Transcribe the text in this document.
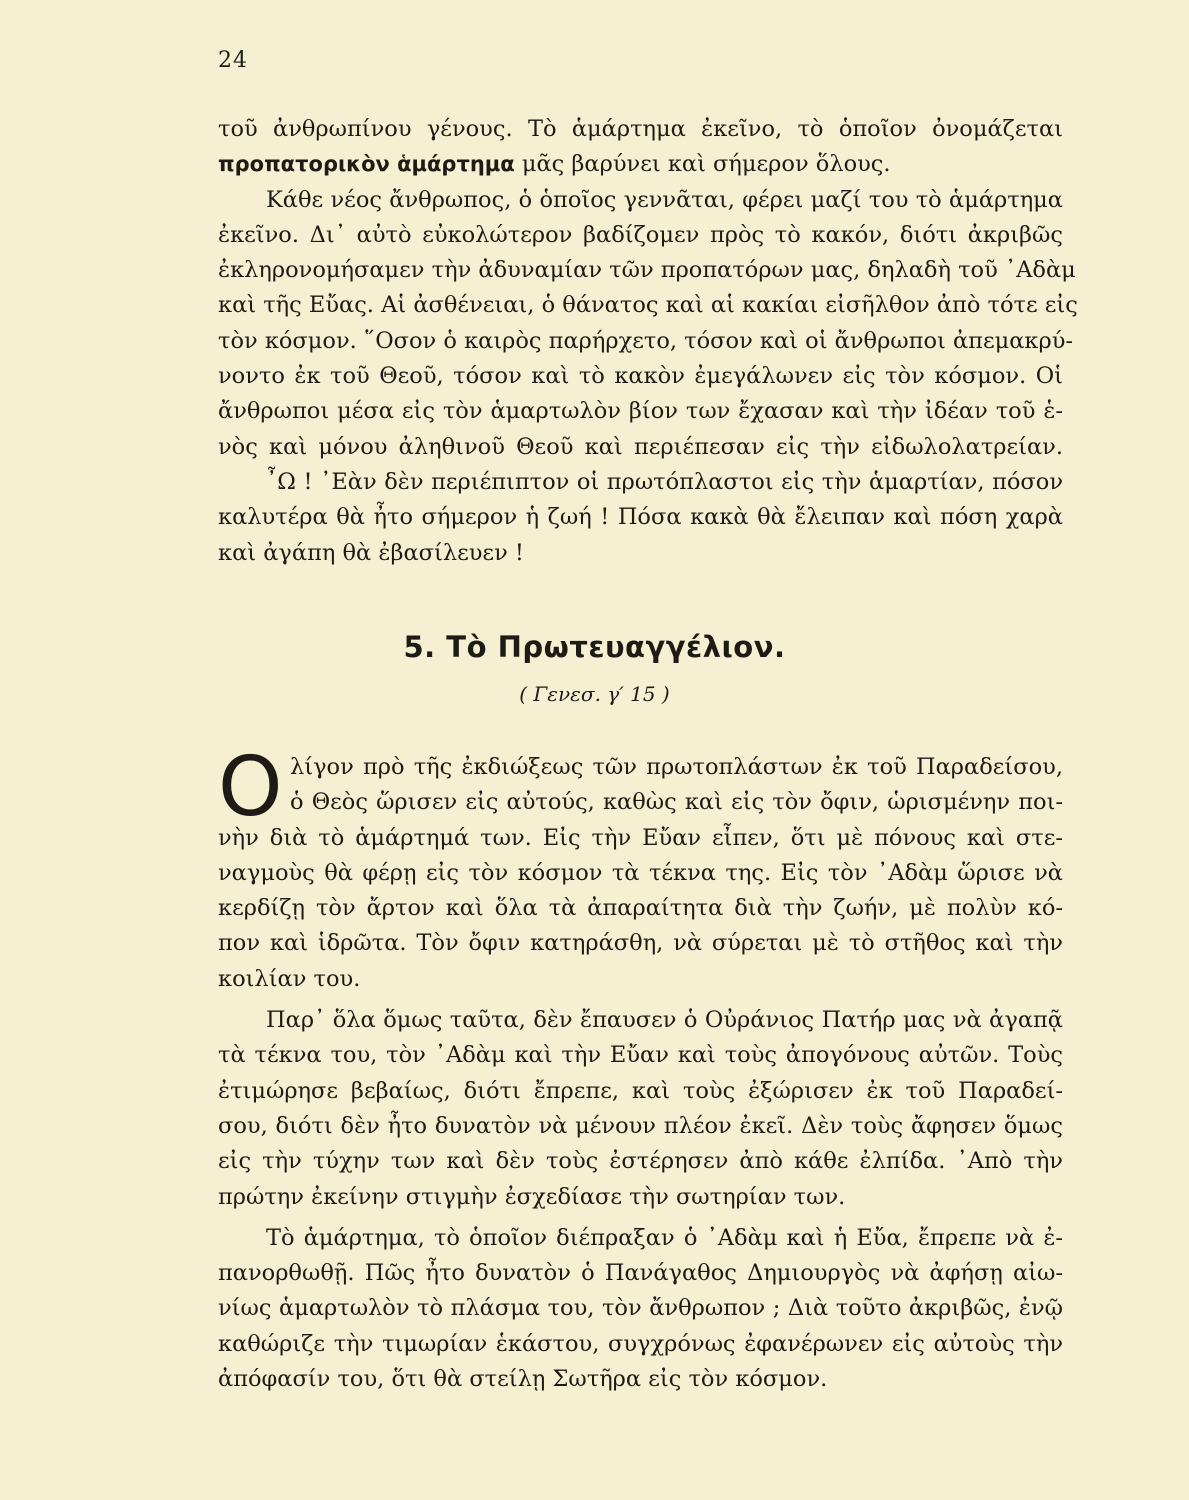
24
τοῦ ἀνθρωπίνου γένους. Τὸ ἁμάρτημα ἐκεῖνο, τὸ ὁποῖον ὀνομάζεται
προπατορικὸν ἁμάρτημα μᾶς βαρύνει καὶ σήμερον ὅλους.
Κάθε νέος ἄνθρωπος, ὁ ὁποῖος γεννᾶται, φέρει μαζί του τὸ ἁμάρτημα
ἐκεῖνο. Δι᾿ αὐτὸ εὐκολώτερον βαδίζομεν πρὸς τὸ κακόν, διότι ἀκριβῶς
ἐκληρονομήσαμεν τὴν ἀδυναμίαν τῶν προπατόρων μας, δηλαδὴ τοῦ ᾿Αδὰμ
καὶ τῆς Εὔας. Αἱ ἀσθένειαι, ὁ θάνατος καὶ αἱ κακίαι εἰσῆλθον ἀπὸ τότε εἰς
τὸν κόσμον. ῞Οσον ὁ καιρὸς παρήρχετο, τόσον καὶ οἱ ἄνθρωποι ἀπεμακρύ-
νοντο ἐκ τοῦ Θεοῦ, τόσον καὶ τὸ κακὸν ἐμεγάλωνεν εἰς τὸν κόσμον. Οἱ
ἄνθρωποι μέσα εἰς τὸν ἁμαρτωλὸν βίον των ἔχασαν καὶ τὴν ἰδέαν τοῦ ἑ-
νὸς καὶ μόνου ἀληθινοῦ Θεοῦ καὶ περιέπεσαν εἰς τὴν εἰδωλολατρείαν.
῏Ω ! ᾿Εὰν δὲν περιέπιπτον οἱ πρωτόπλαστοι εἰς τὴν ἁμαρτίαν, πόσον
καλυτέρα θὰ ἦτο σήμερον ἡ ζωή ! Πόσα κακὰ θὰ ἔλειπαν καὶ πόση χαρὰ
καὶ ἀγάπη θὰ ἐβασίλευεν !
5. Τὸ Πρωτευαγγέλιον.
( Γενεσ. γ′ 15 )
Ο λίγον πρὸ τῆς ἐκδιώξεως τῶν πρωτοπλάστων ἐκ τοῦ Παραδείσου,
ὁ Θεὸς ὥρισεν εἰς αὐτούς, καθὼς καὶ εἰς τὸν ὄφιν, ὡρισμένην ποι-
νὴν διὰ τὸ ἁμάρτημά των. Εἰς τὴν Εὔαν εἶπεν, ὅτι μὲ πόνους καὶ στε-
ναγμοὺς θὰ φέρῃ εἰς τὸν κόσμον τὰ τέκνα της. Εἰς τὸν ᾿Αδὰμ ὥρισε νὰ
κερδίζῃ τὸν ἄρτον καὶ ὅλα τὰ ἀπαραίτητα διὰ τὴν ζωήν, μὲ πολὺν κό-
πον καὶ ἱδρῶτα. Τὸν ὄφιν κατηράσθη, νὰ σύρεται μὲ τὸ στῆθος καὶ τὴν
κοιλίαν του.
Παρ᾿ ὅλα ὅμως ταῦτα, δὲν ἔπαυσεν ὁ Οὐράνιος Πατήρ μας νὰ ἀγαπᾷ
τὰ τέκνα του, τὸν ᾿Αδὰμ καὶ τὴν Εὔαν καὶ τοὺς ἀπογόνους αὐτῶν. Τοὺς
ἐτιμώρησε βεβαίως, διότι ἔπρεπε, καὶ τοὺς ἐξώρισεν ἐκ τοῦ Παραδεί-
σου, διότι δὲν ἦτο δυνατὸν νὰ μένουν πλέον ἐκεῖ. Δὲν τοὺς ἄφησεν ὅμως
εἰς τὴν τύχην των καὶ δὲν τοὺς ἐστέρησεν ἀπὸ κάθε ἐλπίδα. ᾿Απὸ τὴν
πρώτην ἐκείνην στιγμὴν ἐσχεδίασε τὴν σωτηρίαν των.
Τὸ ἁμάρτημα, τὸ ὁποῖον διέπραξαν ὁ ᾿Αδὰμ καὶ ἡ Εὔα, ἔπρεπε νὰ ἐ-
πανορθωθῇ. Πῶς ἦτο δυνατὸν ὁ Πανάγαθος Δημιουργὸς νὰ ἀφήσῃ αἰω-
νίως ἁμαρτωλὸν τὸ πλάσμα του, τὸν ἄνθρωπον ; Διὰ τοῦτο ἀκριβῶς, ἐνῷ
καθώριζε τὴν τιμωρίαν ἑκάστου, συγχρόνως ἐφανέρωνεν εἰς αὐτοὺς τὴν
ἀπόφασίν του, ὅτι θὰ στείλῃ Σωτῆρα εἰς τὸν κόσμον.
